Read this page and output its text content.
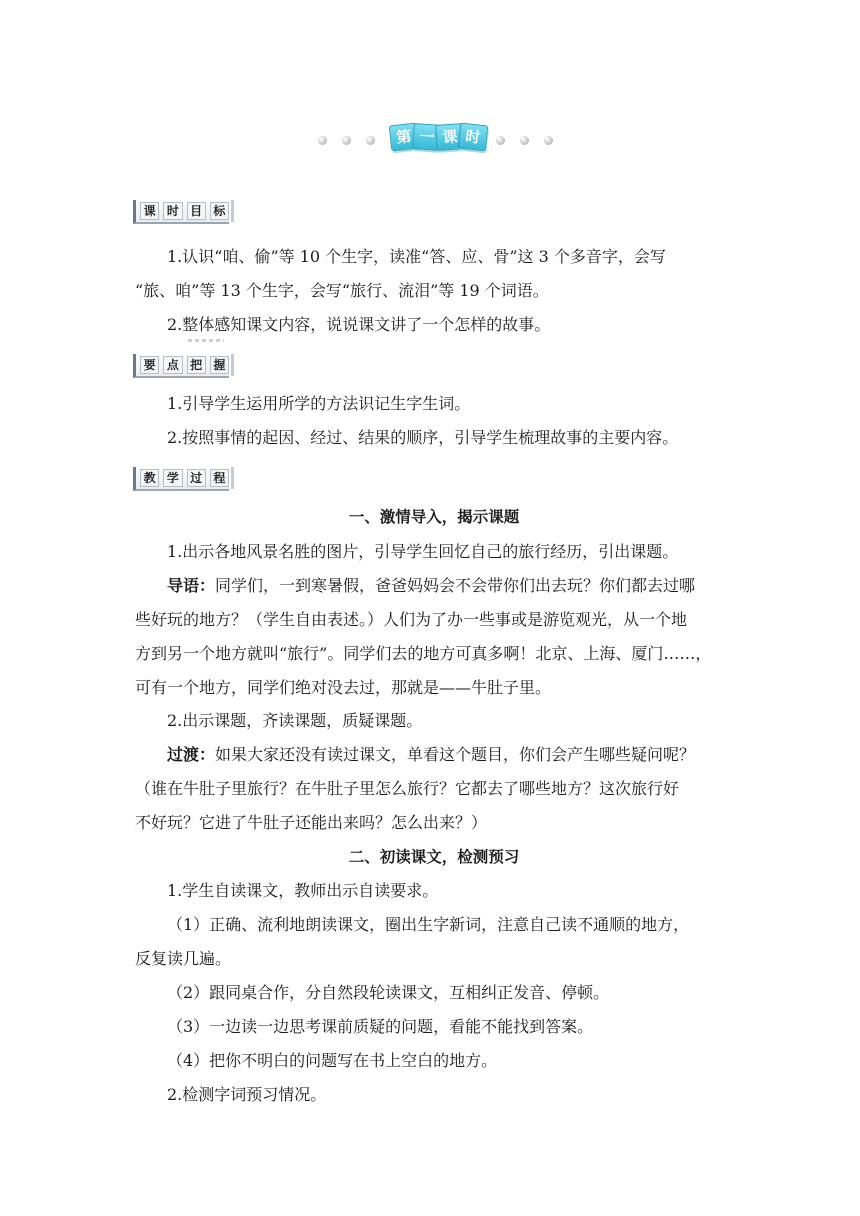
第 一 课 时
课 时 目 标
1.认识“咱、偷”等 10 个生字，读准“答、应、骨”这 3 个多音字，会写
“旅、咱”等 13 个生字，会写“旅行、流泪”等 19 个词语。
2.整体感知课文内容，说说课文讲了一个怎样的故事。
要 点 把 握
1.引导学生运用所学的方法识记生字生词。
2.按照事情的起因、经过、结果的顺序，引导学生梳理故事的主要内容。
教 学 过 程
一、激情导入，揭示课题
1.出示各地风景名胜的图片，引导学生回忆自己的旅行经历，引出课题。
导语：同学们，一到寒暑假，爸爸妈妈会不会带你们出去玩？你们都去过哪
些好玩的地方？（学生自由表述。）人们为了办一些事或是游览观光，从一个地
方到另一个地方就叫“旅行”。同学们去的地方可真多啊！北京、上海、厦门……，
可有一个地方，同学们绝对没去过，那就是——牛肚子里。
2.出示课题，齐读课题，质疑课题。
过渡：如果大家还没有读过课文，单看这个题目，你们会产生哪些疑问呢？
（谁在牛肚子里旅行？在牛肚子里怎么旅行？它都去了哪些地方？这次旅行好
不好玩？它进了牛肚子还能出来吗？怎么出来？）
二、初读课文，检测预习
1.学生自读课文，教师出示自读要求。
（1）正确、流利地朗读课文，圈出生字新词，注意自己读不通顺的地方，
反复读几遍。
（2）跟同桌合作，分自然段轮读课文，互相纠正发音、停顿。
（3）一边读一边思考课前质疑的问题，看能不能找到答案。
（4）把你不明白的问题写在书上空白的地方。
2.检测字词预习情况。
